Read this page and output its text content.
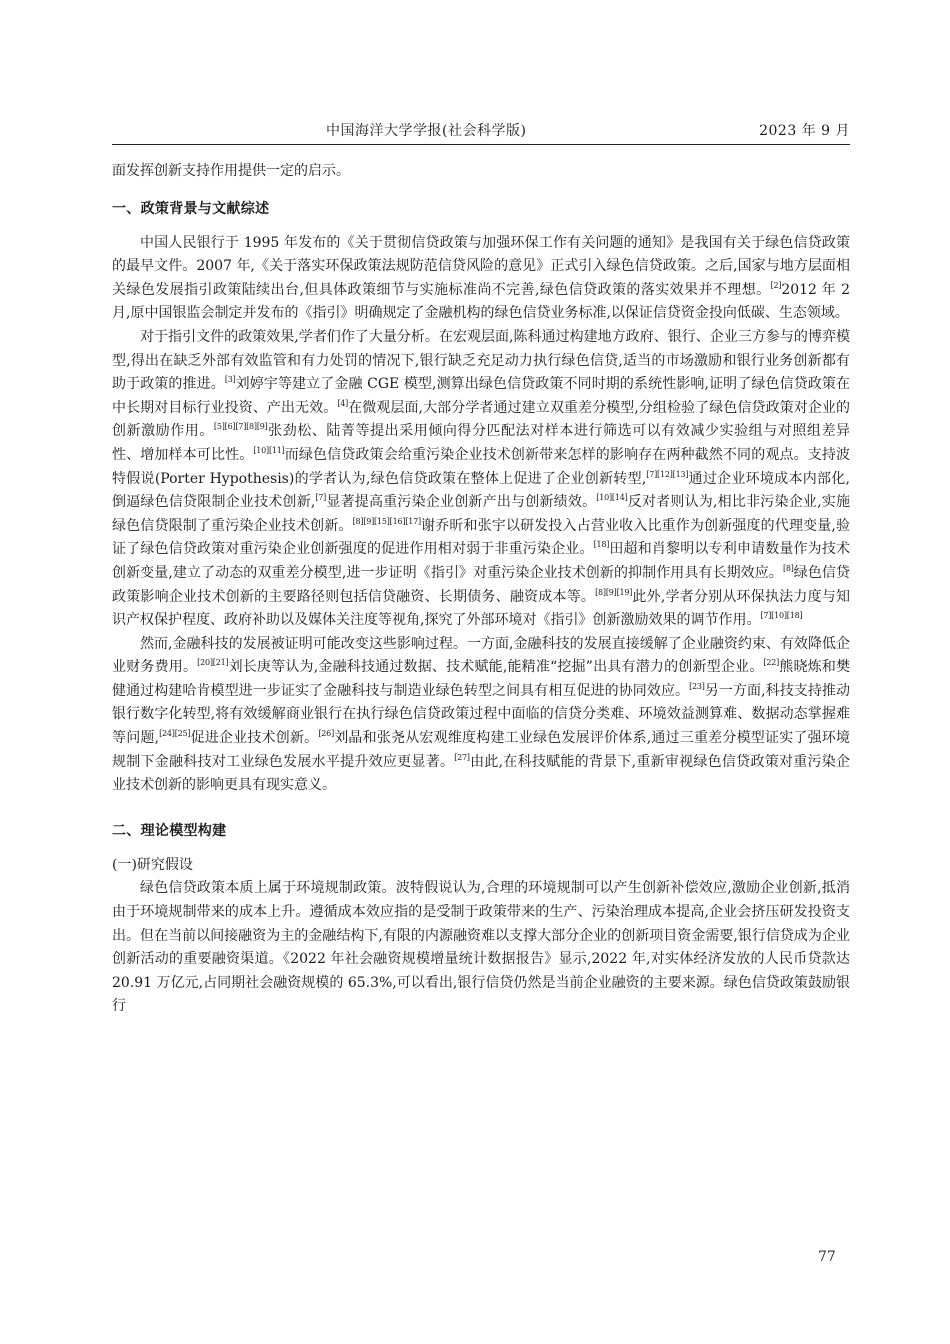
中国海洋大学学报(社会科学版)	2023 年 9 月

面发挥创新支持作用提供一定的启示。

一、政策背景与文献综述

中国人民银行于 1995 年发布的《关于贯彻信贷政策与加强环保工作有关问题的通知》是我国有关于绿色信贷政策的最早文件。2007 年,《关于落实环保政策法规防范信贷风险的意见》正式引入绿色信贷政策。之后,国家与地方层面相关绿色发展指引政策陆续出台,但具体政策细节与实施标准尚不完善,绿色信贷政策的落实效果并不理想。[2]2012 年 2 月,原中国银监会制定并发布的《指引》明确规定了金融机构的绿色信贷业务标准,以保证信贷资金投向低碳、生态领域。

对于指引文件的政策效果,学者们作了大量分析。在宏观层面,陈科通过构建地方政府、银行、企业三方参与的博弈模型,得出在缺乏外部有效监管和有力处罚的情况下,银行缺乏充足动力执行绿色信贷,适当的市场激励和银行业务创新都有助于政策的推进。[3]刘婷宇等建立了金融 CGE 模型,测算出绿色信贷政策不同时期的系统性影响,证明了绿色信贷政策在中长期对目标行业投资、产出无效。[4]在微观层面,大部分学者通过建立双重差分模型,分组检验了绿色信贷政策对企业的创新激励作用。[5][6][7][8][9]张劲松、陆菁等提出采用倾向得分匹配法对样本进行筛选可以有效减少实验组与对照组差异性、增加样本可比性。[10][11]而绿色信贷政策会给重污染企业技术创新带来怎样的影响存在两种截然不同的观点。支持波特假说(Porter Hypothesis)的学者认为,绿色信贷政策在整体上促进了企业创新转型,[7][12][13]通过企业环境成本内部化,倒逼绿色信贷限制企业技术创新,[7]显著提高重污染企业创新产出与创新绩效。[10][14]反对者则认为,相比非污染企业,实施绿色信贷限制了重污染企业技术创新。[8][9][15][16][17]谢乔昕和张宇以研发投入占营业收入比重作为创新强度的代理变量,验证了绿色信贷政策对重污染企业创新强度的促进作用相对弱于非重污染企业。[18]田超和肖黎明以专利申请数量作为技术创新变量,建立了动态的双重差分模型,进一步证明《指引》对重污染企业技术创新的抑制作用具有长期效应。[8]绿色信贷政策影响企业技术创新的主要路径则包括信贷融资、长期债务、融资成本等。[8][9][19]此外,学者分别从环保执法力度与知识产权保护程度、政府补助以及媒体关注度等视角,探究了外部环境对《指引》创新激励效果的调节作用。[7][10][18]

然而,金融科技的发展被证明可能改变这些影响过程。一方面,金融科技的发展直接缓解了企业融资约束、有效降低企业财务费用。[20][21]刘长庚等认为,金融科技通过数据、技术赋能,能精准“挖掘”出具有潜力的创新型企业。[22]熊晓炼和樊健通过构建哈肯模型进一步证实了金融科技与制造业绿色转型之间具有相互促进的协同效应。[23]另一方面,科技支持推动银行数字化转型,将有效缓解商业银行在执行绿色信贷政策过程中面临的信贷分类难、环境效益测算难、数据动态掌握难等问题,[24][25]促进企业技术创新。[26]刘晶和张尧从宏观维度构建工业绿色发展评价体系,通过三重差分模型证实了强环境规制下金融科技对工业绿色发展水平提升效应更显著。[27]由此,在科技赋能的背景下,重新审视绿色信贷政策对重污染企业技术创新的影响更具有现实意义。

二、理论模型构建
(一)研究假设

绿色信贷政策本质上属于环境规制政策。波特假说认为,合理的环境规制可以产生创新补偿效应,激励企业创新,抵消由于环境规制带来的成本上升。遵循成本效应指的是受制于政策带来的生产、污染治理成本提高,企业会挤压研发投资支出。但在当前以间接融资为主的金融结构下,有限的内源融资难以支撑大部分企业的创新项目资金需要,银行信贷成为企业创新活动的重要融资渠道。《2022 年社会融资规模增量统计数据报告》显示,2022 年,对实体经济发放的人民币贷款达 20.91 万亿元,占同期社会融资规模的 65.3%,可以看出,银行信贷仍然是当前企业融资的主要来源。绿色信贷政策鼓励银行

77
